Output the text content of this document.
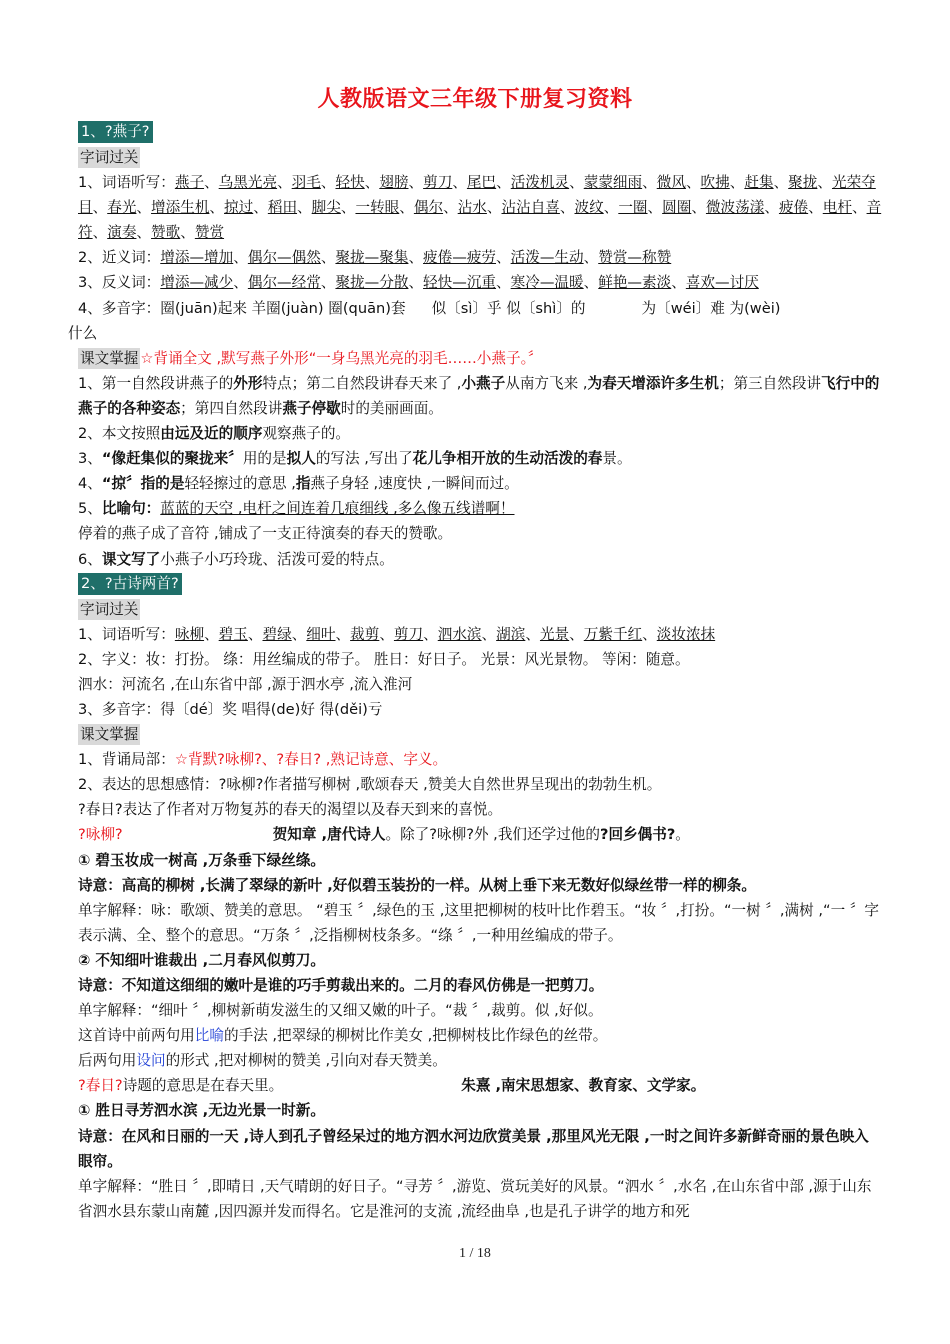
人教版语文三年级下册复习资料
1、?燕子?
字词过关
1、词语听写：燕子、乌黑光亮、羽毛、轻快、翅膀、剪刀、尾巴、活泼机灵、蒙蒙细雨、微风、吹拂、赶集、聚拢、光荣夺目、春光、增添生机、掠过、稻田、脚尖、一转眼、偶尔、沾水、沾沾自喜、波纹、一圈、圆圈、微波荡漾、疲倦、电杆、音符、演奏、赞歌、赞赏
2、近义词：增添—增加、偶尔—偶然、聚拢—聚集、疲倦—疲劳、活泼—生动、赞赏—称赞
3、反义词：增添—减少、偶尔—经常、聚拢—分散、轻快—沉重、寒冷—温暖、鲜艳—素淡、喜欢—讨厌
4、多音字：圈(juān)起来 羊圈(juàn) 圈(quān)套 似〔sì〕乎 似〔shì〕的	为〔wéi〕难 为(wèi)
什么
课文掌握 ☆背诵全文 ,默写燕子外形“一身乌黑光亮的羽毛……小燕子。〞
1、第一自然段讲燕子的外形特点；第二自然段讲春天来了 ,小燕子从南方飞来 ,为春天增添许多生机；第三自然段讲飞行中的燕子的各种姿态；第四自然段讲燕子停歇时的美丽画面。
2、本文按照由远及近的顺序观察燕子的。
3、“像赶集似的聚拢来〞用的是拟人的写法 ,写出了花儿争相开放的生动活泼的春景。
4、“掠〞指的是轻轻擦过的意思 ,指燕子身轻 ,速度快 ,一瞬间而过。
5、比喻句：蓝蓝的天空 ,电杆之间连着几痕细线 ,多么像五线谱啊！
停着的燕子成了音符 ,铺成了一支正待演奏的春天的赞歌。
6、课文写了小燕子小巧玲珑、活泼可爱的特点。
2、?古诗两首?
字词过关
1、词语听写：咏柳、碧玉、碧绿、细叶、裁剪、剪刀、泗水滨、湖滨、光景、万紫千红、淡妆浓抹
2、字义：妆：打扮。 绦：用丝编成的带子。 胜日：好日子。 光景：风光景物。 等闲：随意。
泗水：河流名 ,在山东省中部 ,源于泗水亭 ,流入淮河
3、多音字：得〔dé〕奖 唱得(de)好 得(děi)亏
课文掌握
1、背诵局部：☆背默?咏柳?、?春日? ,熟记诗意、字义。
2、表达的思想感情：?咏柳?作者描写柳树 ,歌颂春天 ,赞美大自然世界呈现出的勃勃生机。
?春日?表达了作者对万物复苏的春天的渴望以及春天到来的喜悦。
?咏柳?	贺知章 ,唐代诗人。除了?咏柳?外 ,我们还学过他的?回乡偶书?。
① 碧玉妆成一树高 ,万条垂下绿丝绦。
诗意：高高的柳树 ,长满了翠绿的新叶 ,好似碧玉装扮的一样。从树上垂下来无数好似绿丝带一样的柳条。
单字解释：咏：歌颂、赞美的意思。 “碧玉 〞,绿色的玉 ,这里把柳树的枝叶比作碧玉。“妆 〞,打扮。“一树 〞,满树 ,“一 〞字表示满、全、整个的意思。“万条 〞,泛指柳树枝条多。“绦 〞,一种用丝编成的带子。
② 不知细叶谁裁出 ,二月春风似剪刀。
诗意：不知道这细细的嫩叶是谁的巧手剪裁出来的。二月的春风仿佛是一把剪刀。
单字解释：“细叶 〞,柳树新萌发滋生的又细又嫩的叶子。“裁 〞,裁剪。似 ,好似。
这首诗中前两句用比喻的手法 ,把翠绿的柳树比作美女 ,把柳树枝比作绿色的丝带。
后两句用设问的形式 ,把对柳树的赞美 ,引向对春天赞美。
?春日?诗题的意思是在春天里。	朱熹 ,南宋思想家、教育家、文学家。
① 胜日寻芳泗水滨 ,无边光景一时新。
诗意：在风和日丽的一天 ,诗人到孔子曾经呆过的地方泗水河边欣赏美景 ,那里风光无限 ,一时之间许多新鲜奇丽的景色映入眼帘。
单字解释：“胜日 〞,即晴日 ,天气晴朗的好日子。“寻芳 〞,游览、赏玩美好的风景。“泗水 〞,水名 ,在山东省中部 ,源于山东省泗水县东蒙山南麓 ,因四源并发而得名。它是淮河的支流 ,流经曲阜 ,也是孔子讲学的地方和死
1 / 18
